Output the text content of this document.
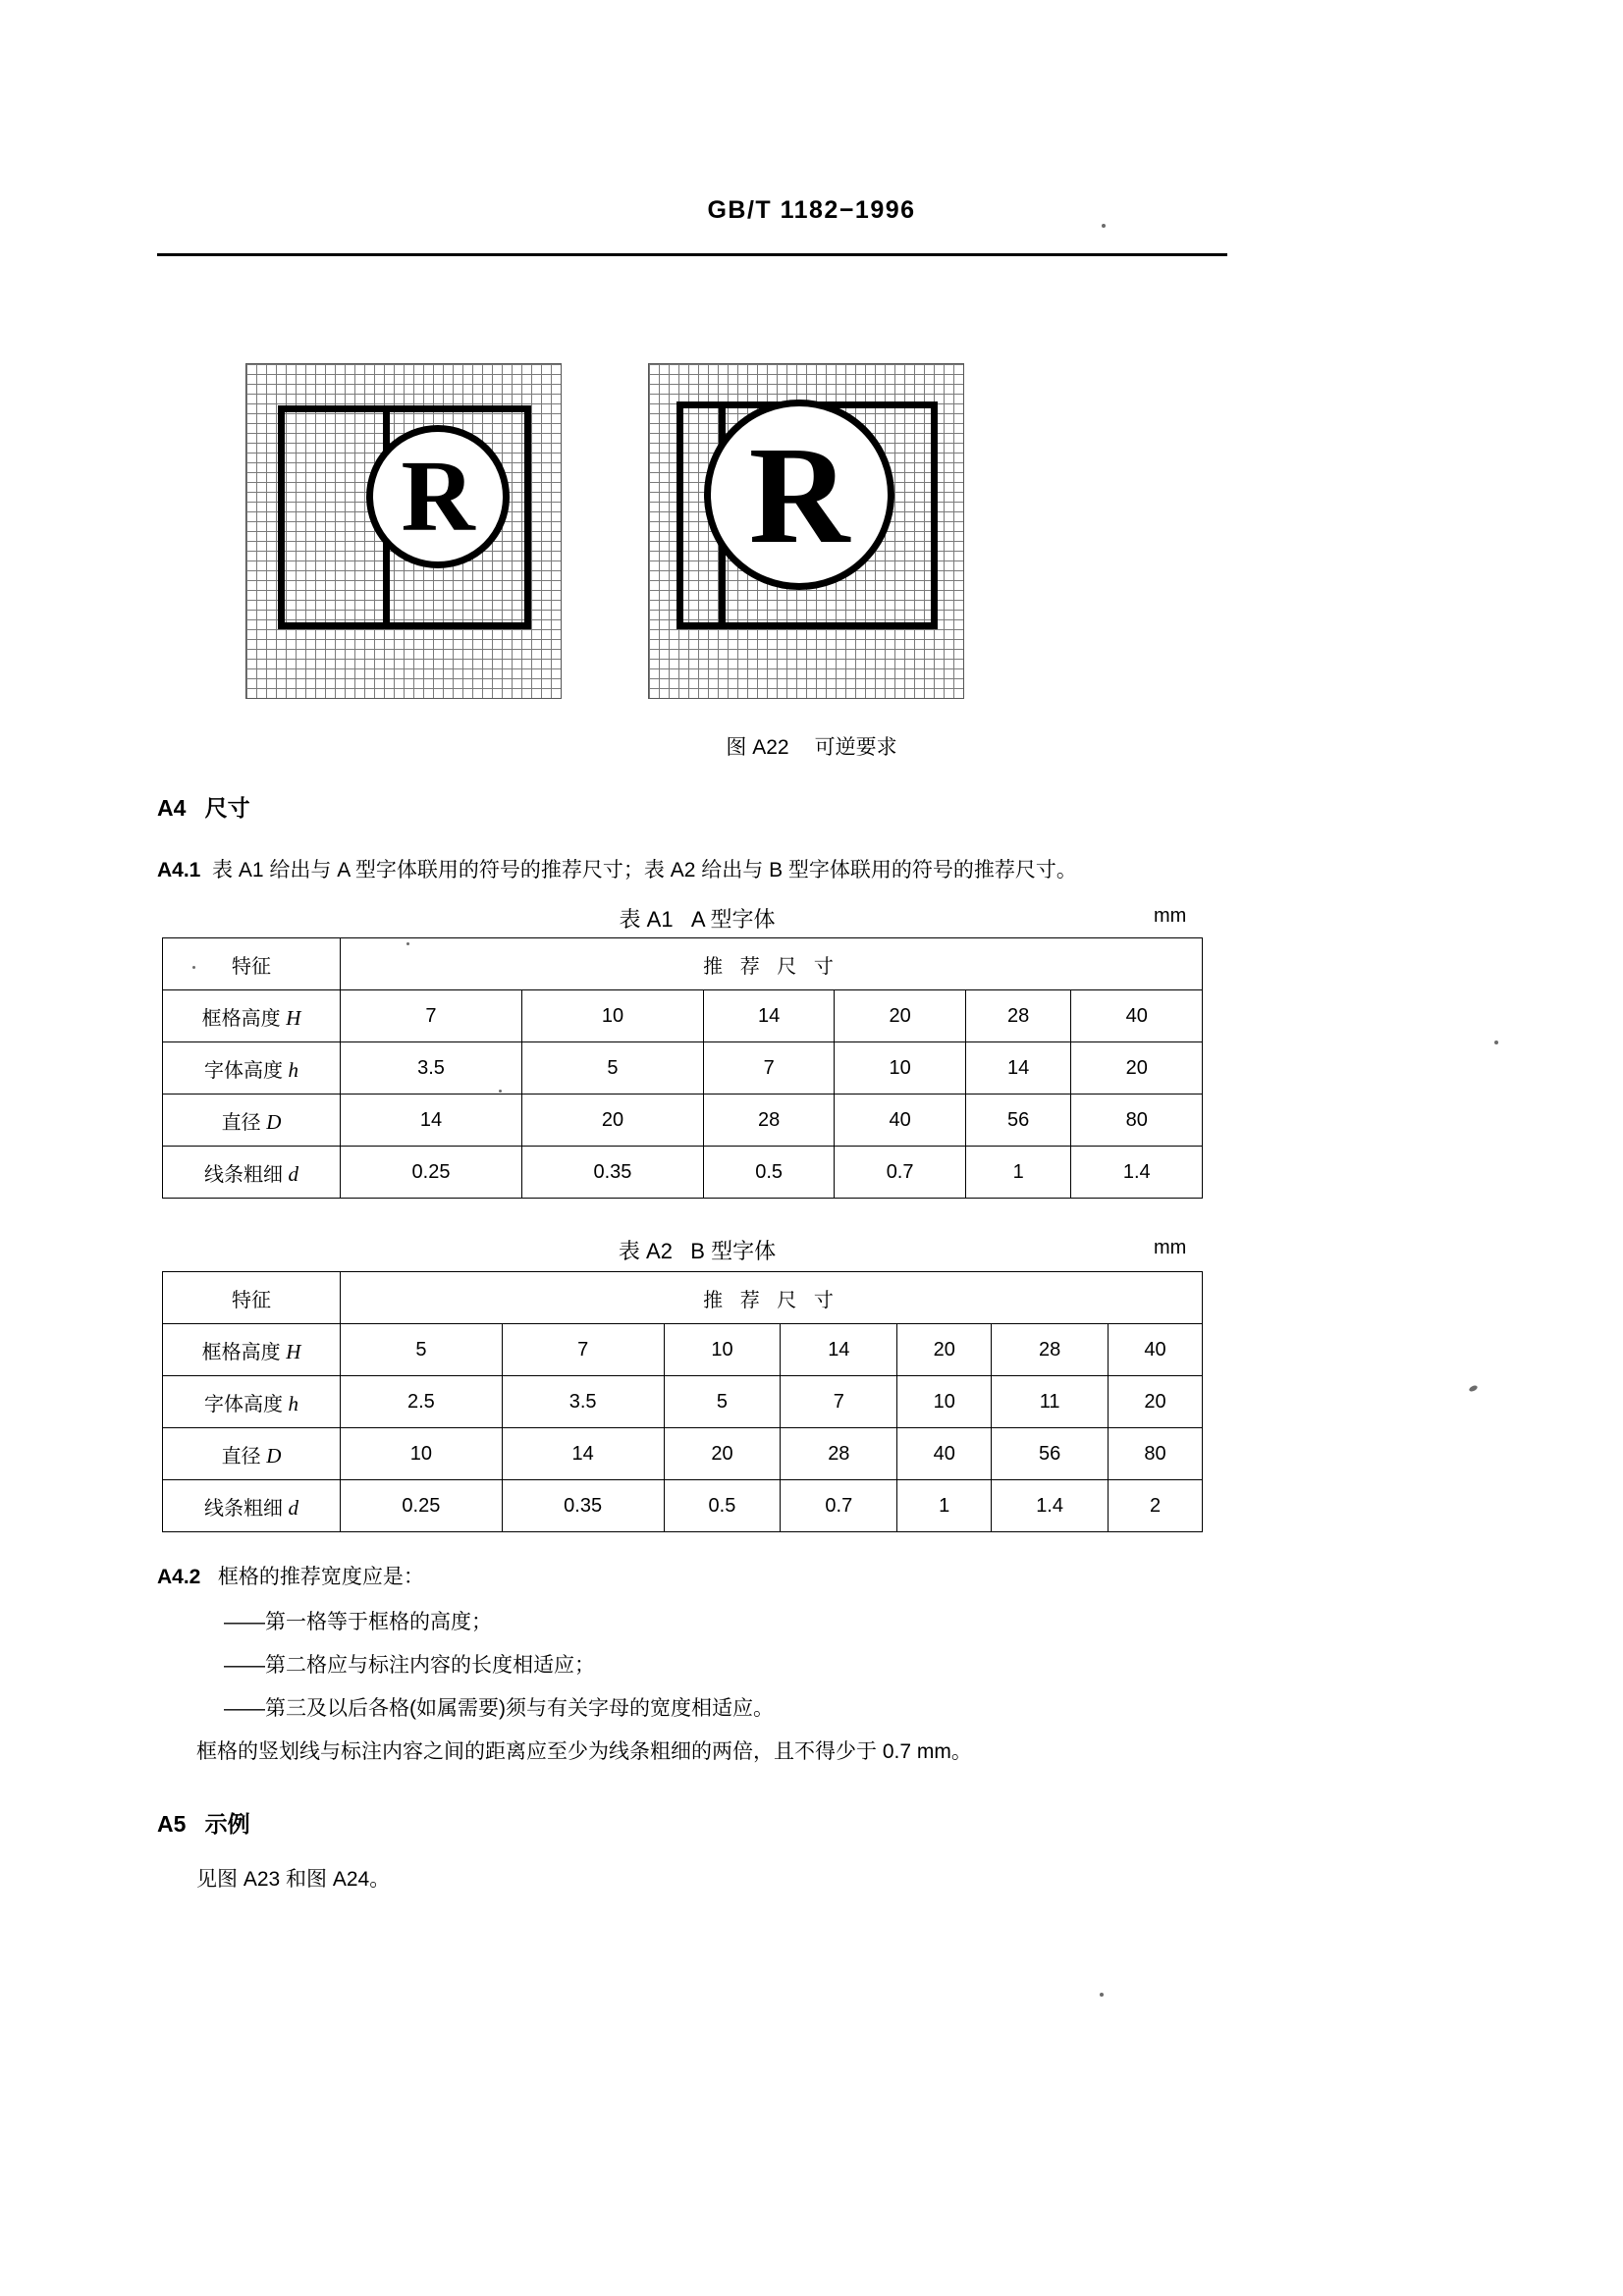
GB/T 1182−1996
R R
图 A22 可逆要求
A4 尺寸
A4.1 表 A1 给出与 A 型字体联用的符号的推荐尺寸；表 A2 给出与 B 型字体联用的符号的推荐尺寸。
表 A1   A 型字体	mm
特征	推 荐 尺 寸					
框格高度 H	7	10	14	20	28	40
字体高度 h	3.5	5	7	10	14	20
直径 D	14	20	28	40	56	80
线条粗细 d	0.25	0.35	0.5	0.7	1	1.4
表 A2   B 型字体	mm
特征	推 荐 尺 寸						
框格高度 H	5	7	10	14	20	28	40
字体高度 h	2.5	3.5	5	7	10	11	20
直径 D	10	14	20	28	40	56	80
线条粗细 d	0.25	0.35	0.5	0.7	1	1.4	2
A4.2 框格的推荐宽度应是：
——第一格等于框格的高度；
——第二格应与标注内容的长度相适应；
——第三及以后各格(如属需要)须与有关字母的宽度相适应。
框格的竖划线与标注内容之间的距离应至少为线条粗细的两倍，且不得少于 0.7 mm。
A5 示例
见图 A23 和图 A24。
